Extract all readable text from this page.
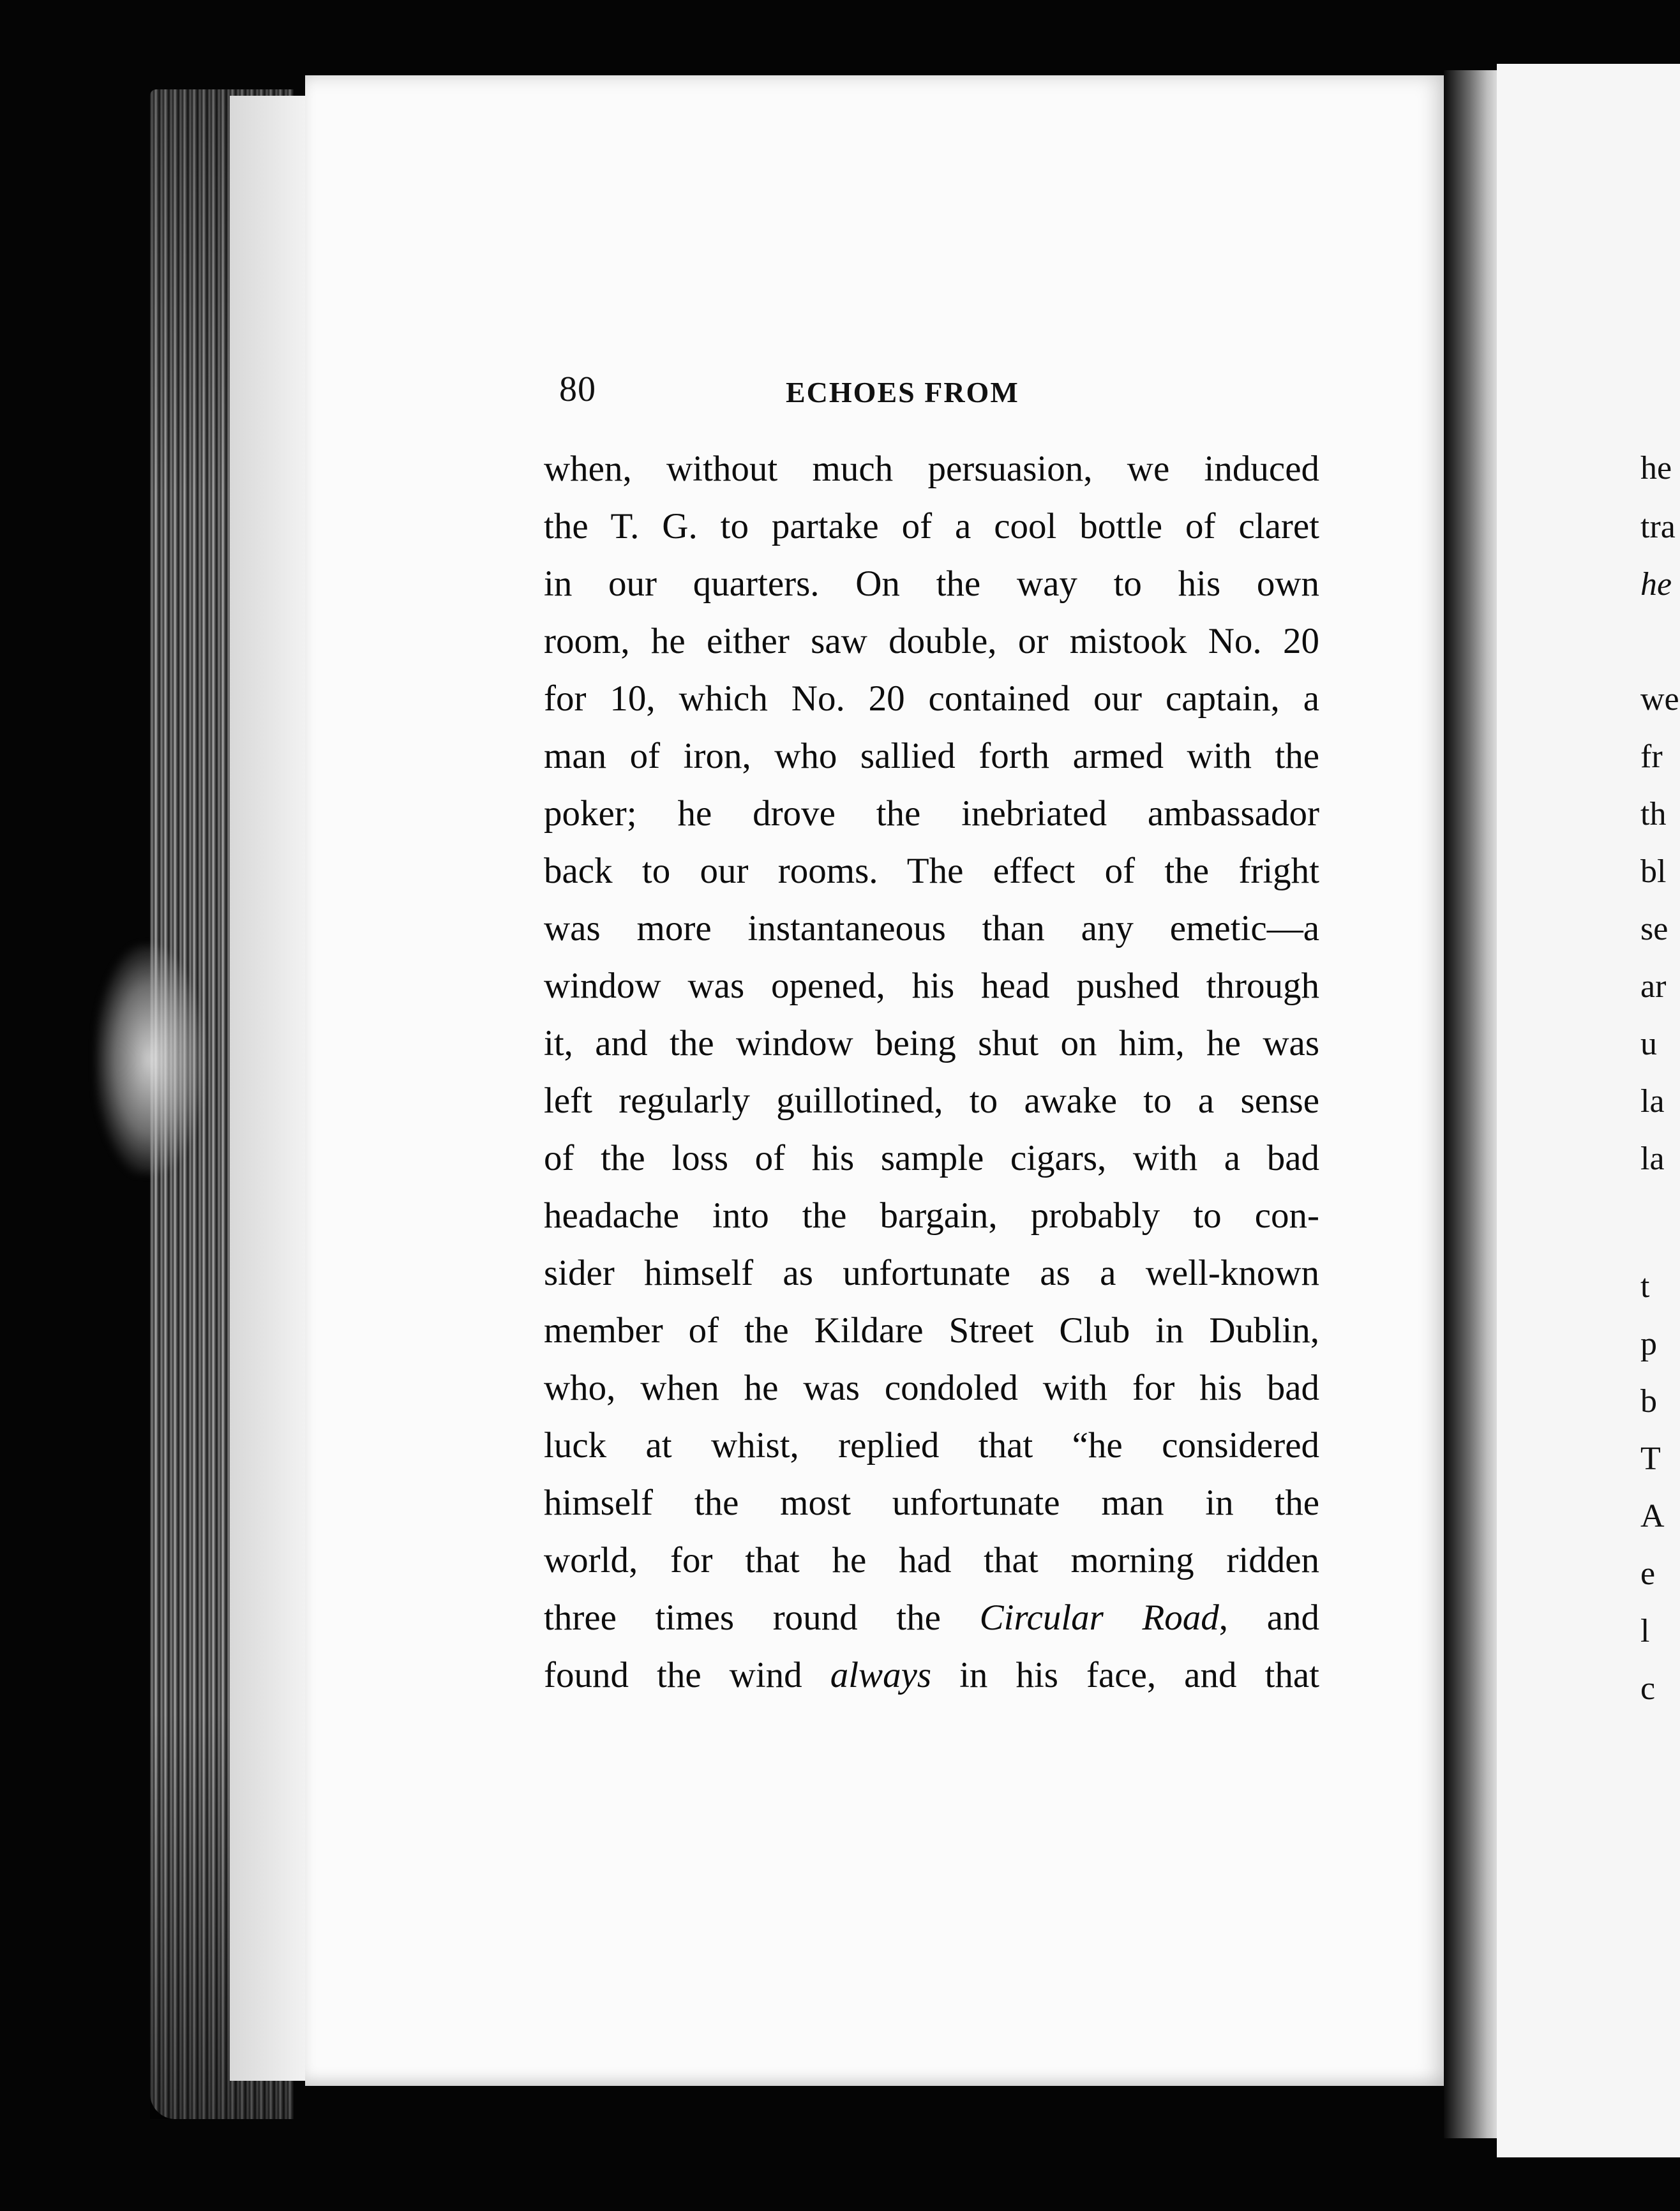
80	ECHOES FROM
when, without much persuasion, we induced
the T. G. to partake of a cool bottle of claret
in our quarters. On the way to his own
room, he either saw double, or mistook No. 20
for 10, which No. 20 contained our captain, a
man of iron, who sallied forth armed with the
poker; he drove the inebriated ambassador
back to our rooms. The effect of the fright
was more instantaneous than any emetic—a
window was opened, his head pushed through
it, and the window being shut on him, he was
left regularly guillotined, to awake to a sense
of the loss of his sample cigars, with a bad
headache into the bargain, probably to con-
sider himself as unfortunate as a well-known
member of the Kildare Street Club in Dublin,
who, when he was condoled with for his bad
luck at whist, replied that “he considered
himself the most unfortunate man in the
world, for that he had that morning ridden
three times round the Circular Road, and
found the wind always in his face, and that
he
tra
he
we
fr
th
bl
se
ar
u
la
la
t
p
b
T
A
e
l
c
